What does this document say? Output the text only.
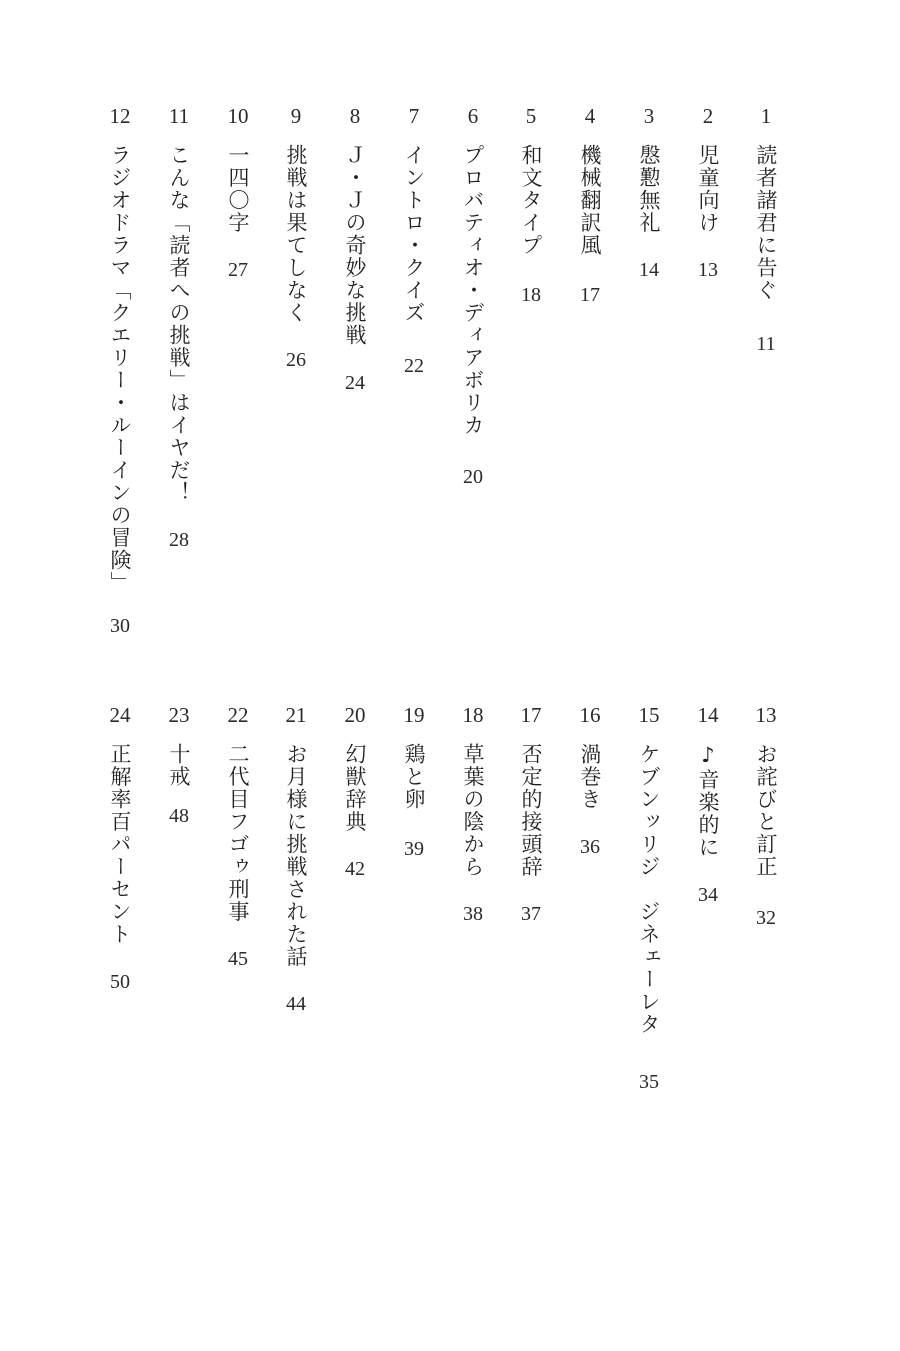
1
読者諸君に告ぐ11
2
児童向け13
3
慇懃無礼14
4
機械翻訳風17
5
和文タイプ18
6
プロバティオ・ディアボリカ20
7
イントロ・クイズ22
8
Ｊ・Ｊの奇妙な挑戦24
9
挑戦は果てしなく26
10
一四〇字27
11
こんな「読者への挑戦」はイヤだ！28
12
ラジオドラマ「クエリー・ルーインの冒険」30
13
お詫びと訂正32
14
♪音楽的に34
15
ケブンッリジ　ジネェーレタ35
16
渦巻き36
17
否定的接頭辞37
18
草葉の陰から38
19
鶏と卵39
20
幻獣辞典42
21
お月様に挑戦された話44
22
二代目フゴゥ刑事45
23
十戒48
24
正解率百パーセント50
